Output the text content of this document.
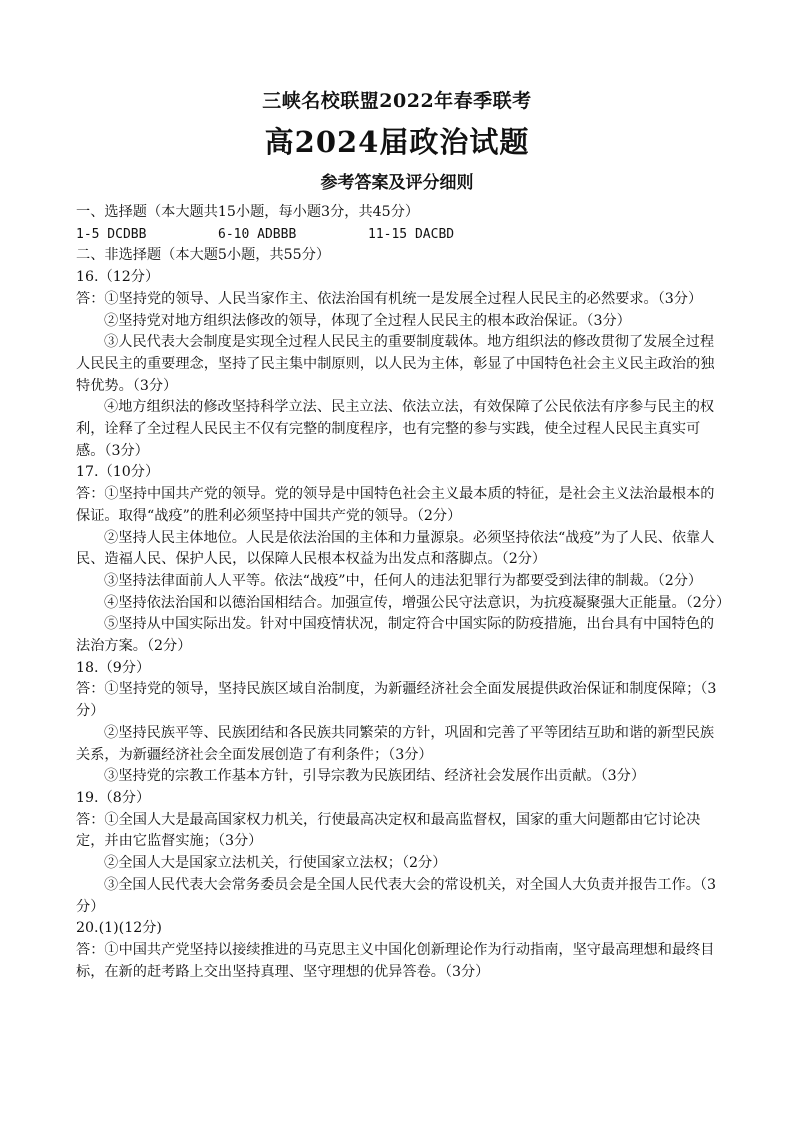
三峡名校联盟2022年春季联考
高2024届政治试题
参考答案及评分细则

一、选择题（本大题共15小题，每小题3分，共45分）

1-5 DCDBB	6-10 ADBBB	11-15 DACBD

二、非选择题（本大题5小题，共55分）

16.（12分）

答：①坚持党的领导、人民当家作主、依法治国有机统一是发展全过程人民民主的必然要求。（3分）

②坚持党对地方组织法修改的领导，体现了全过程人民民主的根本政治保证。（3分）

③人民代表大会制度是实现全过程人民民主的重要制度载体。地方组织法的修改贯彻了发展全过程人民民主的重要理念，坚持了民主集中制原则，以人民为主体，彰显了中国特色社会主义民主政治的独特优势。（3分）

④地方组织法的修改坚持科学立法、民主立法、依法立法，有效保障了公民依法有序参与民主的权利，诠释了全过程人民民主不仅有完整的制度程序，也有完整的参与实践，使全过程人民民主真实可感。（3分）

17.（10分）

答：①坚持中国共产党的领导。党的领导是中国特色社会主义最本质的特征，是社会主义法治最根本的保证。取得“战疫”的胜利必须坚持中国共产党的领导。（2分）

②坚持人民主体地位。人民是依法治国的主体和力量源泉。必须坚持依法“战疫”为了人民、依靠人民、造福人民、保护人民，以保障人民根本权益为出发点和落脚点。（2分）

③坚持法律面前人人平等。依法“战疫”中，任何人的违法犯罪行为都要受到法律的制裁。（2分）

④坚持依法治国和以德治国相结合。加强宣传，增强公民守法意识，为抗疫凝聚强大正能量。（2分）

⑤坚持从中国实际出发。针对中国疫情状况，制定符合中国实际的防疫措施，出台具有中国特色的法治方案。（2分）

18.（9分）

答：①坚持党的领导，坚持民族区域自治制度，为新疆经济社会全面发展提供政治保证和制度保障；（3分）

②坚持民族平等、民族团结和各民族共同繁荣的方针，巩固和完善了平等团结互助和谐的新型民族关系，为新疆经济社会全面发展创造了有利条件；（3分）

③坚持党的宗教工作基本方针，引导宗教为民族团结、经济社会发展作出贡献。（3分）

19.（8分）

答：①全国人大是最高国家权力机关，行使最高决定权和最高监督权，国家的重大问题都由它讨论决定，并由它监督实施；（3分）

②全国人大是国家立法机关，行使国家立法权；（2分）

③全国人民代表大会常务委员会是全国人民代表大会的常设机关，对全国人大负责并报告工作。（3分）

20.(1)(12分)

答：①中国共产党坚持以接续推进的马克思主义中国化创新理论作为行动指南，坚守最高理想和最终目标，在新的赶考路上交出坚持真理、坚守理想的优异答卷。（3分）
